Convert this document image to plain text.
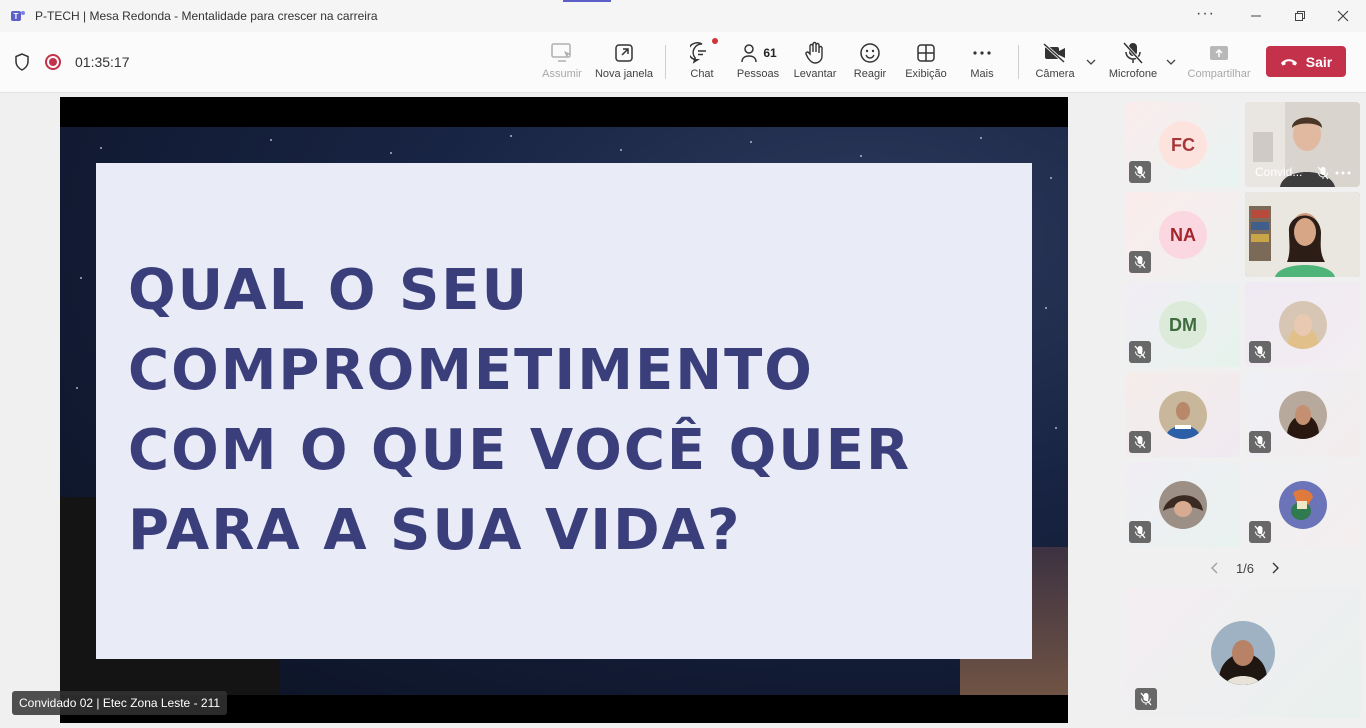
T P-TECH | Mesa Redonda - Mentalidade para crescer na carreira	···
01:35:17
Assumir Nova janela	Chat
61
Pessoas Levantar Reagir Exibição Mais	Câmera	Microfone	Compartilhar
Sair
QUAL O SEU
COMPROMETIMENTO
COM O QUE VOCÊ QUER
PARA A SUA VIDA?
Convidado 02 | Etec Zona Leste - 211
FC
Convid...
NA
DM
1/6
